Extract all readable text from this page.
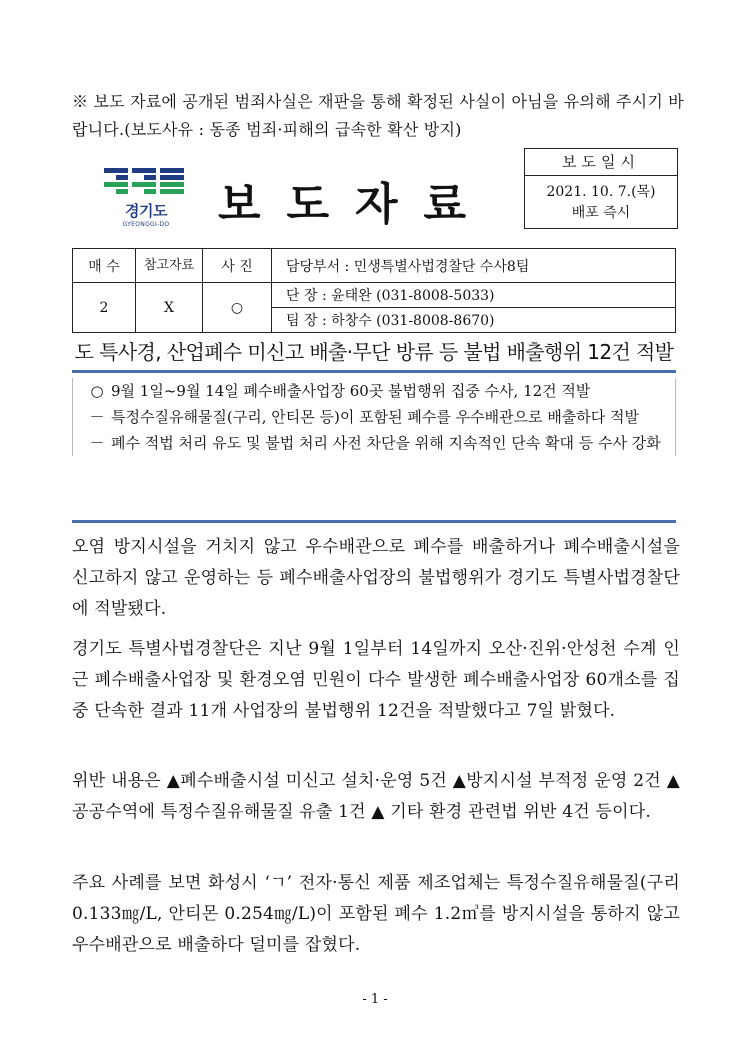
※ 보도 자료에 공개된 범죄사실은 재판을 통해 확정된 사실이 아님을 유의해 주시기 바랍니다.(보도사유 : 동종 범죄·피해의 급속한 확산 방지)
경기도
GYEONGGI-DO	보도자료
보도일시
2021. 10. 7.(목)
배포 즉시
매 수	참고자료	사 진	담당부서 : 민생특별사법경찰단 수사8팀
2	X	○	단 장 : 윤태완 (031-8008-5033)
			팀 장 : 하창수 (031-8008-8670)
도 특사경, 산업폐수 미신고 배출·무단 방류 등 불법 배출행위 12건 적발
○ 9월 1일~9월 14일 폐수배출사업장 60곳 불법행위 집중 수사, 12건 적발
－ 특정수질유해물질(구리, 안티몬 등)이 포함된 폐수를 우수배관으로 배출하다 적발
－ 폐수 적법 처리 유도 및 불법 처리 사전 차단을 위해 지속적인 단속 확대 등 수사 강화
오염 방지시설을 거치지 않고 우수배관으로 폐수를 배출하거나 폐수배출시설을 신고하지 않고 운영하는 등 폐수배출사업장의 불법행위가 경기도 특별사법경찰단에 적발됐다.
경기도 특별사법경찰단은 지난 9월 1일부터 14일까지 오산·진위·안성천 수계 인근 폐수배출사업장 및 환경오염 민원이 다수 발생한 폐수배출사업장 60개소를 집중 단속한 결과 11개 사업장의 불법행위 12건을 적발했다고 7일 밝혔다.
위반 내용은 ▲폐수배출시설 미신고 설치·운영 5건 ▲방지시설 부적정 운영 2건 ▲공공수역에 특정수질유해물질 유출 1건 ▲ 기타 환경 관련법 위반 4건 등이다.
주요 사례를 보면 화성시 ‘ㄱ’ 전자·통신 제품 제조업체는 특정수질유해물질(구리 0.133㎎/L, 안티몬 0.254㎎/L)이 포함된 폐수 1.2㎥를 방지시설을 통하지 않고 우수배관으로 배출하다 덜미를 잡혔다.
- 1 -
